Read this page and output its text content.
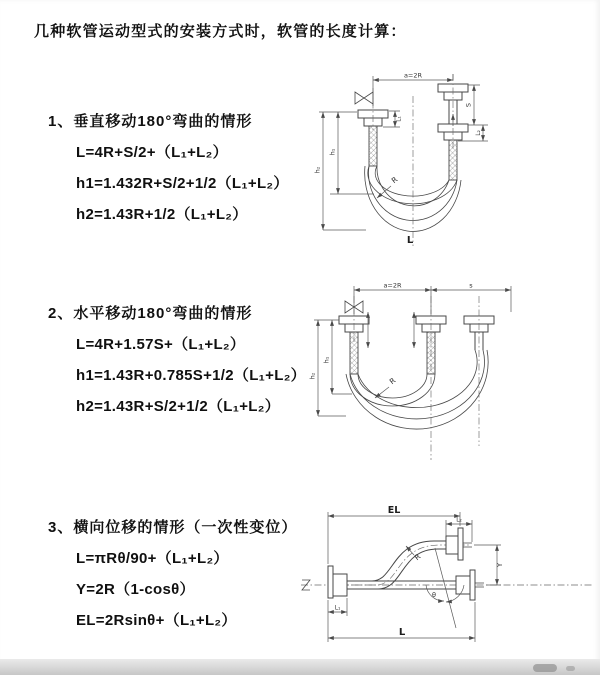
几种软管运动型式的安装方式时，软管的长度计算：
1、垂直移动180°弯曲的情形
L=4R+S/2+（L₁+L₂）
h1=1.432R+S/2+1/2（L₁+L₂）
h2=1.43R+1/2（L₁+L₂）
2、水平移动180°弯曲的情形
L=4R+1.57S+（L₁+L₂）
h1=1.43R+0.785S+1/2（L₁+L₂）
h2=1.43R+S/2+1/2（L₁+L₂）
3、横向位移的情形（一次性变位）
L=πRθ/90+（L₁+L₂）
Y=2R（1-cosθ）
EL=2Rsinθ+（L₁+L₂）
a=2R
S
L₂
L₁
h₁
h₂
R
L
a=2R	s
h₁
h₂	R
EL
L₂
Y
R
θ
L
L₁
